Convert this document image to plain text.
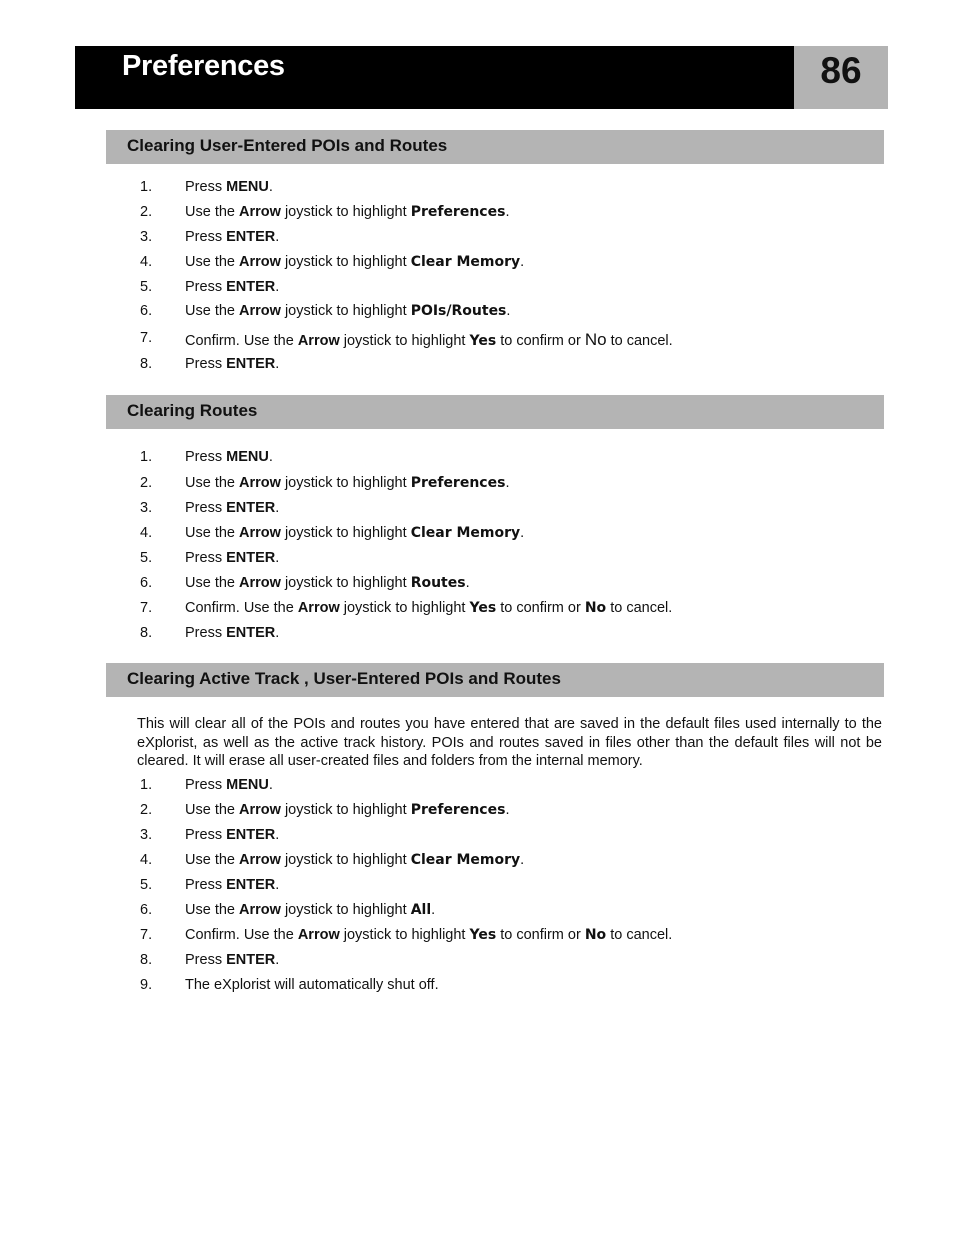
Preferences	86
Clearing User-Entered POIs and Routes
1.	Press MENU.
2.	Use the Arrow joystick to highlight Preferences.
3.	Press ENTER.
4.	Use the Arrow joystick to highlight Clear Memory.
5.	Press ENTER.
6.	Use the Arrow joystick to highlight POIs/Routes.
7.	Confirm. Use the Arrow joystick to highlight Yes to confirm or No to cancel.
8.	Press ENTER.
Clearing Routes
1.	Press MENU.
2.	Use the Arrow joystick to highlight Preferences.
3.	Press ENTER.
4.	Use the Arrow joystick to highlight Clear Memory.
5.	Press ENTER.
6.	Use the Arrow joystick to highlight Routes.
7.	Confirm. Use the Arrow joystick to highlight Yes to confirm or No to cancel.
8.	Press ENTER.
Clearing Active Track , User-Entered POIs and Routes
This will clear all of the POIs and routes you have entered that are saved in the default files used internally to the eXplorist, as well as the active track history. POIs and routes saved in files other than the default files will not be cleared. It will erase all user-created files and folders from the internal memory.
1.	Press MENU.
2.	Use the Arrow joystick to highlight Preferences.
3.	Press ENTER.
4.	Use the Arrow joystick to highlight Clear Memory.
5.	Press ENTER.
6.	Use the Arrow joystick to highlight All.
7.	Confirm. Use the Arrow joystick to highlight Yes to confirm or No to cancel.
8.	Press ENTER.
9.	The eXplorist will automatically shut off.
